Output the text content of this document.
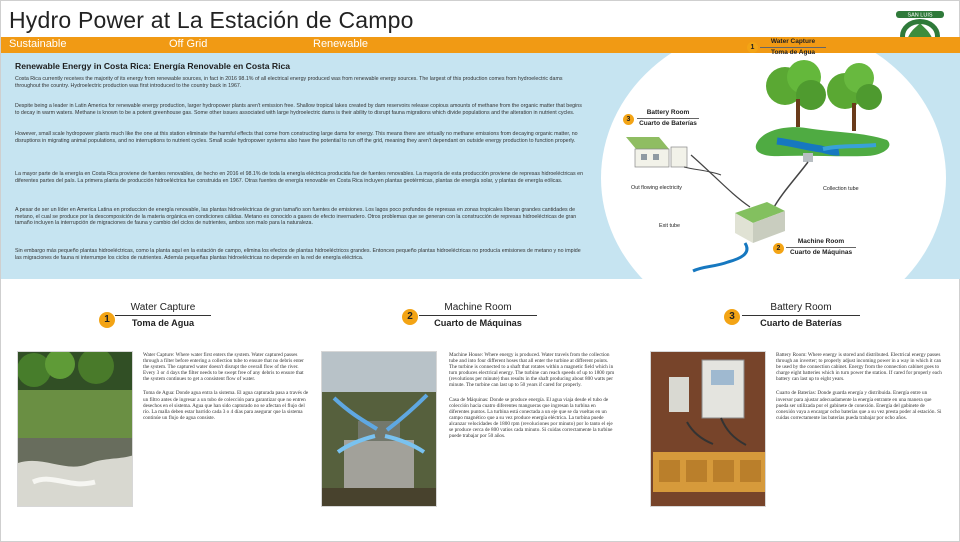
Hydro Power at La Estación de Campo	SAN LUIS
Sustainable	Off Grid	Renewable
Renewable Energy in Costa Rica: Energía Renovable en Costa Rica
Costa Rica currently receives the majority of its energy from renewable sources, in fact in 2016 98.1% of all electrical energy produced was from renewable energy sources. The largest of this production comes from hydroelectric dams throughout the country. Hydroelectric production was first introduced to the country back in 1967.
Despite being a leader in Latin America for renewable energy production, larger hydropower plants aren't emission free. Shallow tropical lakes created by dam reservoirs release copious amounts of methane from the organic matter that begins to decay in warm waters. Methane is known to be a potent greenhouse gas. Some other issues associated with large hydroelectric dams is their ability to disrupt fauna migrations which divide populations and the alteration in nutrient cycles.
However, small scale hydropower plants much like the one at this station eliminate the harmful effects that come from constructing large dams for energy. This means there are virtually no methane emissions from decaying organic matter, no disruptions in migrating animal populations, and no interruptions to nutrient cycles. Small scale hydropower systems also have the potential to run off the grid, meaning they aren't dependant on outside energy production to function properly.
La mayor parte de la energía en Costa Rica proviene de fuentes renovables, de hecho en 2016 el 98.1% de toda la energía eléctrica producida fue de fuentes renovables. La mayoría de esta producción proviene de represas hidroeléctricas en diferentes partes del país. La primera planta de producción hidroeléctrica fue construida en 1967. Otras fuentes de energía renovable en Costa Rica incluyen plantas geotérmicas, plantas de energía solar, y plantas de energía eólicas.
A pesar de ser un líder en America Latina en produccion de energía renovable, las plantas hidroeléctricas de gran tamaño son fuentes de emisiones. Los lagos poco profundos de represas en zonas tropicales liberan grandes cantidades de metano, el cual se produce por la descomposición de la materia orgánica en condiciones cálidas. Metano es conocido a gases de efecto invernadero. Otros problemas que se generan con la construcción de represas hidroeléctricas de gran tamaño incluyen la interrupción de migraciones de fauna y cambio del ciclos de nutrientes, ambos son malo para la naturaleza.
Sin embargo más pequeño plantas hidroeléctricas, como la planta aquí en la estación de campo, elimina los efectos de plantas hidroeléctricos grandes. Entonces pequeño plantas hidroeléctricas no producía emisiones de metano y no impide las migraciones de fauna ni interrumpe los ciclos de nutrientes. Además pequeñas plantas hidroeléctricas no depende en la red de energía eléctrica.
1
Water Capture
Toma de Agua
3
Battery Room
Cuarto de Baterías
2
Machine Room
Cuarto de Máquinas
Out flowing electricity	Collection tube
Exit tube
1
Water Capture
Toma de Agua

Water Capture: Where water first enters the system. Water captured passes through a filter before entering a collection tube to ensure that no debris enter the system. The captured water doesn't disrupt the overall flow of the river. Every 3 or 4 days the filter needs to be swept free of any debris to ensure that the system continues to get a consistent flow of water.

Toma de Agua: Donde agua entra la sistema. El agua capturada pasa a través de un filtro antes de ingresar a un tubo de colección para garantizar que no entren desechos en el sistema. Agua que han sido capturado no se afectan el flujo del río. La malla deben estar barrido cada 3 o 4 días para asegurar que la sistema continúe un flujo de agua consiste.

2
Machine Room
Cuarto de Máquinas

Machine House: Where energy is produced. Water travels from the collection tube and into four different hoses that all enter the turbine at different points. The turbine is connected to a shaft that rotates within a magnetic field which in turn produces electrical energy. The turbine can reach speeds of up to 1800 rpm (revolutions per minute) thus results in the shaft producing about 800 watts per minute. The turbine can last up to 50 years if cared for properly.

Casa de Máquinas: Donde se produce energía. El agua viaja desde el tubo de colección hacia cuatro diferentes mangueras que ingresan la turbina en diferentes puntos. La turbina está conectada a un eje que se da vueltas en un campo magnético que a su vez produce energía eléctrica. La turbina puede alcanzar velocidades de 1800 rpm (revoluciones por minuto) por lo tanto el eje se produce cerca de 800 vatios cada minuto. Si cuidas correctamente la turbine puede trabajar por 50 años.

3
Battery Room
Cuarto de Baterías

Battery Room: Where energy is stored and distributed. Electrical energy passes through an inverter; to properly adjust incoming power in a way in which it can be used by the connection cabinet. Energy from the connection cabinet goes to charge eight batteries which in turn power the station. If cared for properly each battery can last up to eight years.

Cuarto de Baterías: Donde guarda energía y distribuida. Energía entre un inversor para ajustar adecuadamente la energía entrante en una manera que pueda ser utilizada por el gabinete de conexión. Energía del gabinete de conexión vaya a encargar ocho baterías que a su vez presta poder al estación. Si cuidas correctamente las baterías pueda trabajar por ocho años.
